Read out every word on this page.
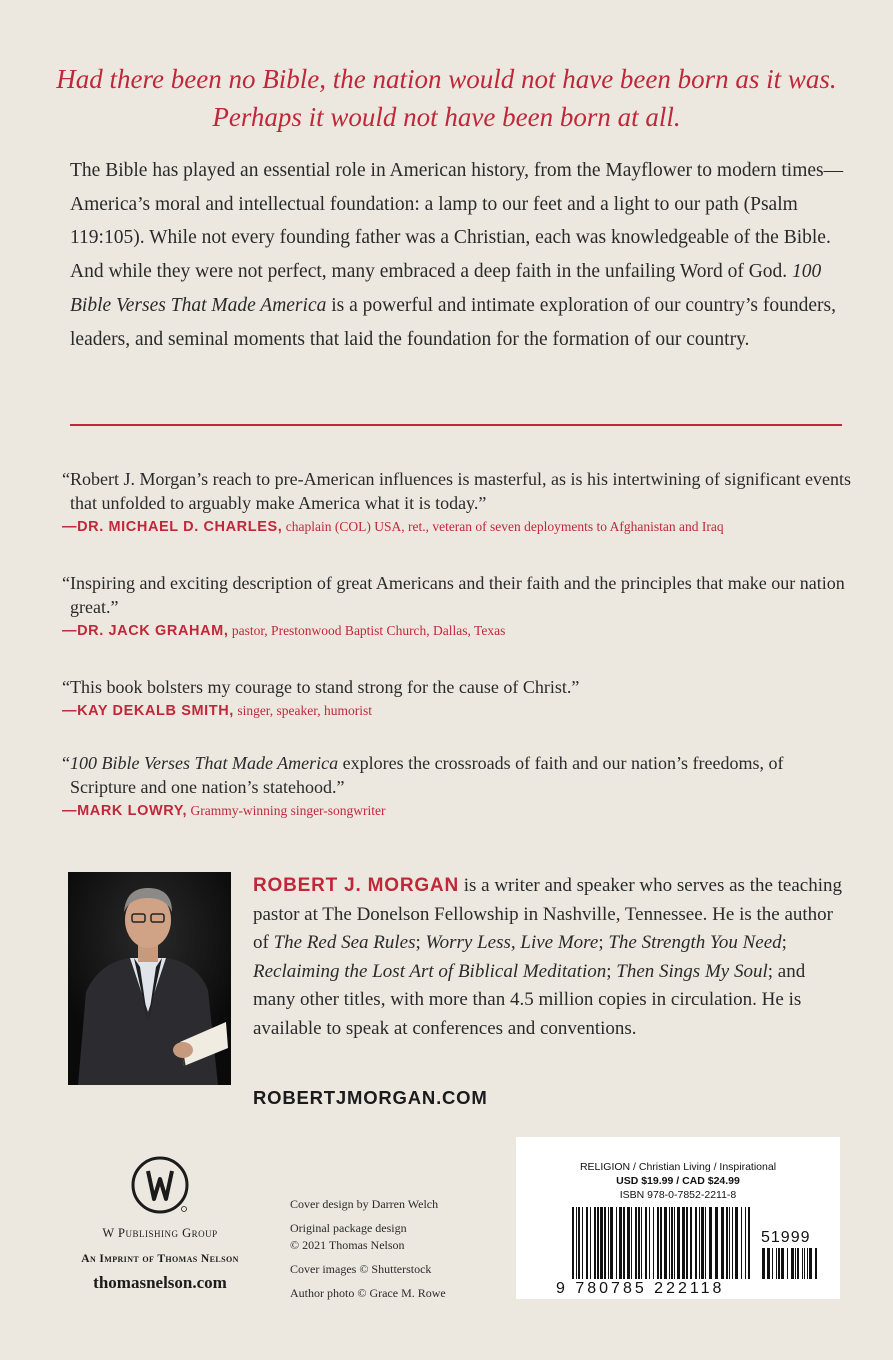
Had there been no Bible, the nation would not have been born as it was.
Perhaps it would not have been born at all.
The Bible has played an essential role in American history, from the Mayflower to modern times—America’s moral and intellectual foundation: a lamp to our feet and a light to our path (Psalm 119:105). While not every founding father was a Christian, each was knowledgeable of the Bible. And while they were not perfect, many embraced a deep faith in the unfailing Word of God. 100 Bible Verses That Made America is a powerful and intimate exploration of our country’s founders, leaders, and seminal moments that laid the foundation for the formation of our country.
“Robert J. Morgan’s reach to pre-American influences is masterful, as is his intertwining of significant events that unfolded to arguably make America what it is today.”
—DR. MICHAEL D. CHARLES, chaplain (COL) USA, ret., veteran of seven deployments to Afghanistan and Iraq
“Inspiring and exciting description of great Americans and their faith and the principles that make our nation great.”
—DR. JACK GRAHAM, pastor, Prestonwood Baptist Church, Dallas, Texas
“This book bolsters my courage to stand strong for the cause of Christ.”
—KAY DEKALB SMITH, singer, speaker, humorist
“100 Bible Verses That Made America explores the crossroads of faith and our nation’s freedoms, of Scripture and one nation’s statehood.”
—MARK LOWRY, Grammy-winning singer-songwriter
ROBERT J. MORGAN is a writer and speaker who serves as the teaching pastor at The Donelson Fellowship in Nashville, Tennessee. He is the author of The Red Sea Rules; Worry Less, Live More; The Strength You Need; Reclaiming the Lost Art of Biblical Meditation; Then Sings My Soul; and many other titles, with more than 4.5 million copies in circulation. He is available to speak at conferences and conventions.
ROBERTJMORGAN.COM
W Publishing Group
An Imprint of Thomas Nelson
thomasnelson.com
Cover design by Darren Welch
Original package design
© 2021 Thomas Nelson
Cover images © Shutterstock
Author photo © Grace M. Rowe
RELIGION / Christian Living / Inspirational
USD $19.99 / CAD $24.99
ISBN 978-0-7852-2211-8
51999
9 780785 222118
